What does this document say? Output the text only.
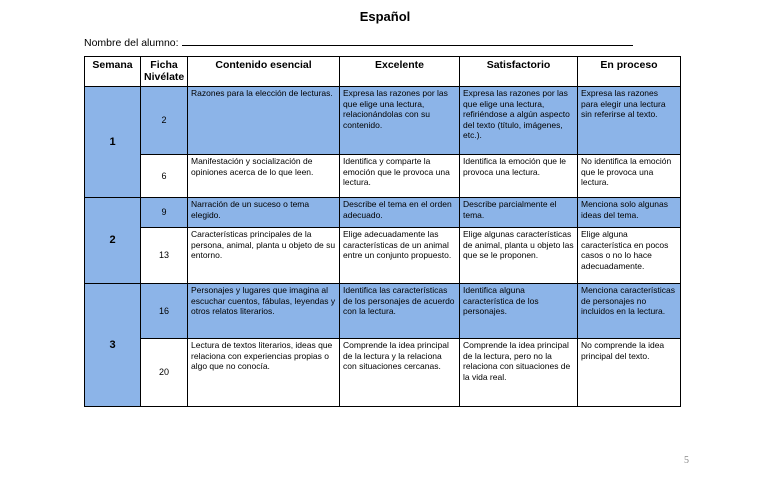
Español
Nombre del alumno:
Semana	Ficha Nivélate	Contenido esencial	Excelente	Satisfactorio	En proceso
1	2	Razones para la elección de lecturas.	Expresa las razones por las que elige una lectura, relacionándolas con su contenido.	Expresa las razones por las que elige una lectura, refiriéndose a algún aspecto del texto (título, imágenes, etc.).	Expresa las razones para elegir una lectura sin referirse al texto.
	6	Manifestación y socialización de opiniones acerca de lo que leen.	Identifica y comparte la emoción que le provoca una lectura.	Identifica la emoción que le provoca una lectura.	No identifica la emoción que le provoca una lectura.
2	9	Narración de un suceso o tema elegido.	Describe el tema en el orden adecuado.	Describe parcialmente el tema.	Menciona solo algunas ideas del tema.
	13	Características principales de la persona, animal, planta u objeto de su entorno.	Elige adecuadamente las características de un animal entre un conjunto propuesto.	Elige algunas características de animal, planta u objeto las que se le proponen.	Elige alguna característica en pocos casos o no lo hace adecuadamente.
3	16	Personajes y lugares que imagina al escuchar cuentos, fábulas, leyendas y otros relatos literarios.	Identifica las características de los personajes de acuerdo con la lectura.	Identifica alguna característica de los personajes.	Menciona características de personajes no incluidos en la lectura.
	20	Lectura de textos literarios, ideas que relaciona con experiencias propias o algo que no conocía.	Comprende la idea principal de la lectura y la relaciona con situaciones cercanas.	Comprende la idea principal de la lectura, pero no la relaciona con situaciones de la vida real.	No comprende la idea principal del texto.
5
